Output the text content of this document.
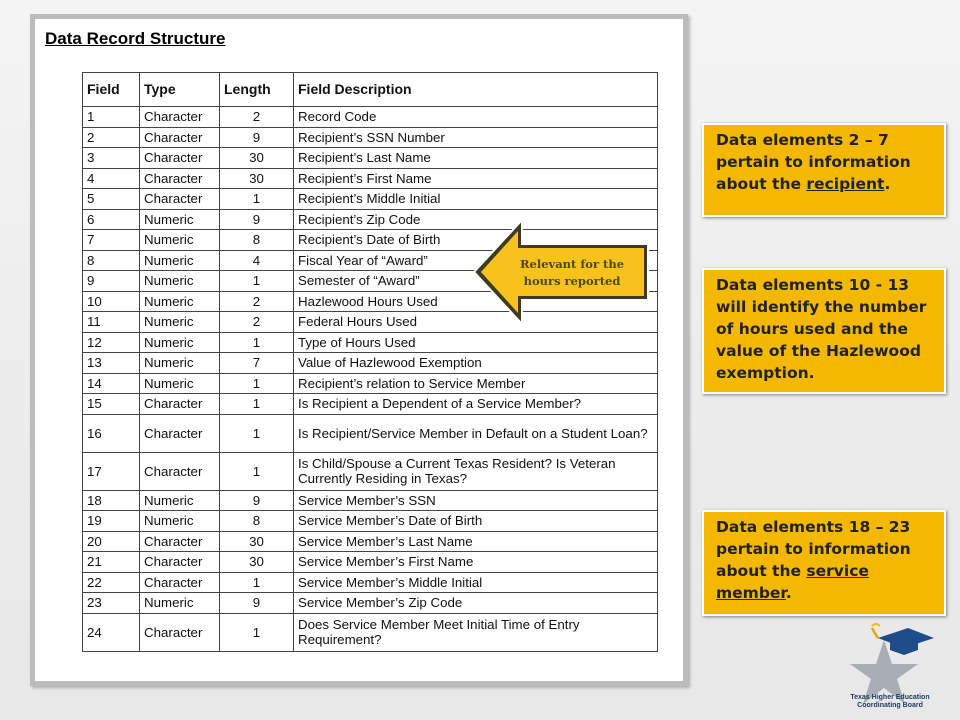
Data Record Structure
Field	Type	Length	Field Description
1	Character	2	Record Code
2	Character	9	Recipient’s SSN Number
3	Character	30	Recipient’s Last Name
4	Character	30	Recipient’s First Name
5	Character	1	Recipient’s Middle Initial
6	Numeric	9	Recipient’s Zip Code
7	Numeric	8	Recipient’s Date of Birth
8	Numeric	4	Fiscal Year of “Award”
9	Numeric	1	Semester of “Award”
10	Numeric	2	Hazlewood Hours Used
11	Numeric	2	Federal Hours Used
12	Numeric	1	Type of Hours Used
13	Numeric	7	Value of Hazlewood Exemption
14	Numeric	1	Recipient’s relation to Service Member
15	Character	1	Is Recipient a Dependent of a Service Member?
16	Character	1	Is Recipient/Service Member in Default on a Student Loan?
17	Character	1	Is Child/Spouse a Current Texas Resident? Is Veteran Currently Residing in Texas?
18	Numeric	9	Service Member’s SSN
19	Numeric	8	Service Member’s Date of Birth
20	Character	30	Service Member’s Last Name
21	Character	30	Service Member’s First Name
22	Character	1	Service Member’s Middle Initial
23	Numeric	9	Service Member’s Zip Code
24	Character	1	Does Service Member Meet Initial Time of Entry Requirement?
Relevant for the hours reported
Data elements 2 – 7 pertain to information about the recipient.
Data elements 10 - 13 will identify the number of hours used and the value of the Hazlewood exemption.
Data elements 18 – 23 pertain to information about the service member.
Texas Higher Education Coordinating Board
